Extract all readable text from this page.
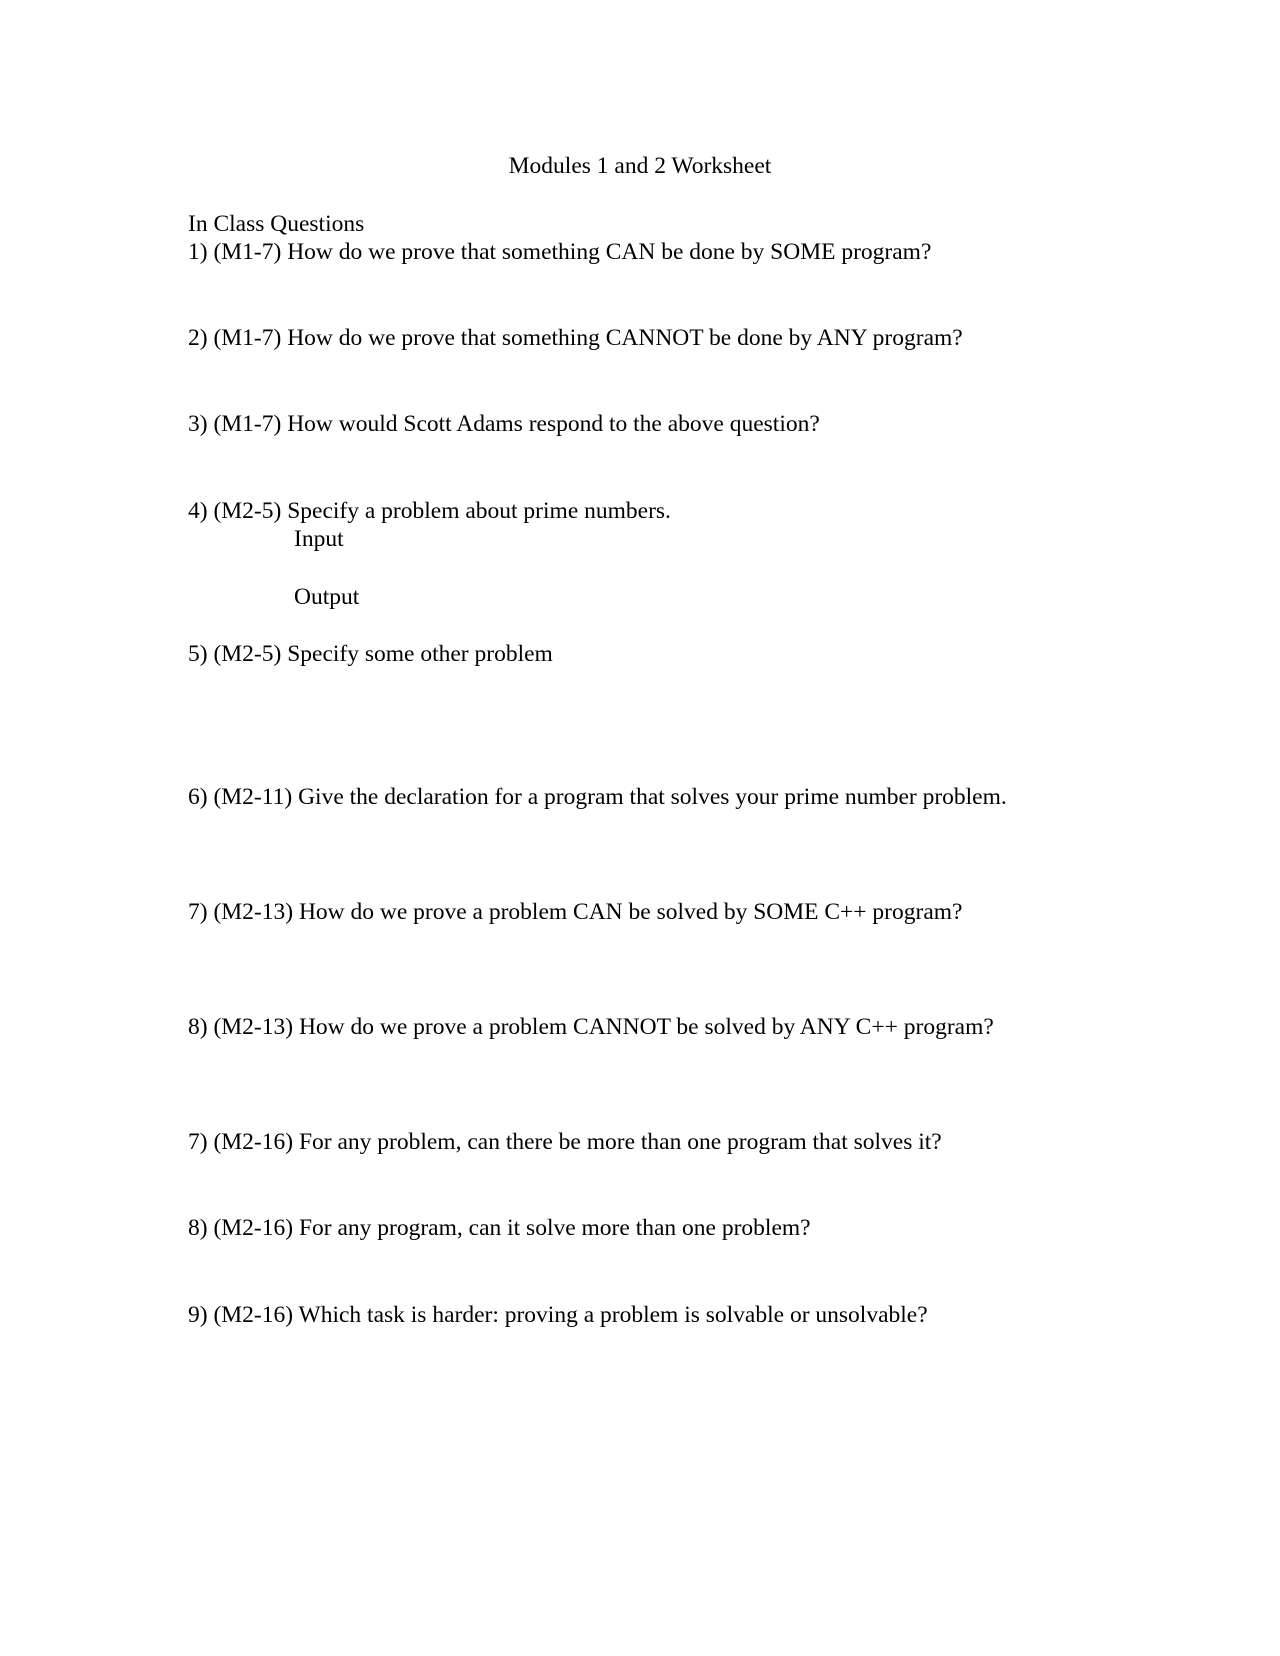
Modules 1 and 2 Worksheet
In Class Questions
1) (M1-7) How do we prove that something CAN be done by SOME program?
2) (M1-7) How do we prove that something CANNOT be done by ANY program?
3) (M1-7) How would Scott Adams respond to the above question?
4) (M2-5) Specify a problem about prime numbers.
Input
Output
5) (M2-5) Specify some other problem
6) (M2-11) Give the declaration for a program that solves your prime number problem.
7) (M2-13) How do we prove a problem CAN be solved by SOME C++ program?
8) (M2-13) How do we prove a problem CANNOT be solved by ANY C++ program?
7) (M2-16) For any problem, can there be more than one program that solves it?
8) (M2-16) For any program, can it solve more than one problem?
9) (M2-16) Which task is harder: proving a problem is solvable or unsolvable?
